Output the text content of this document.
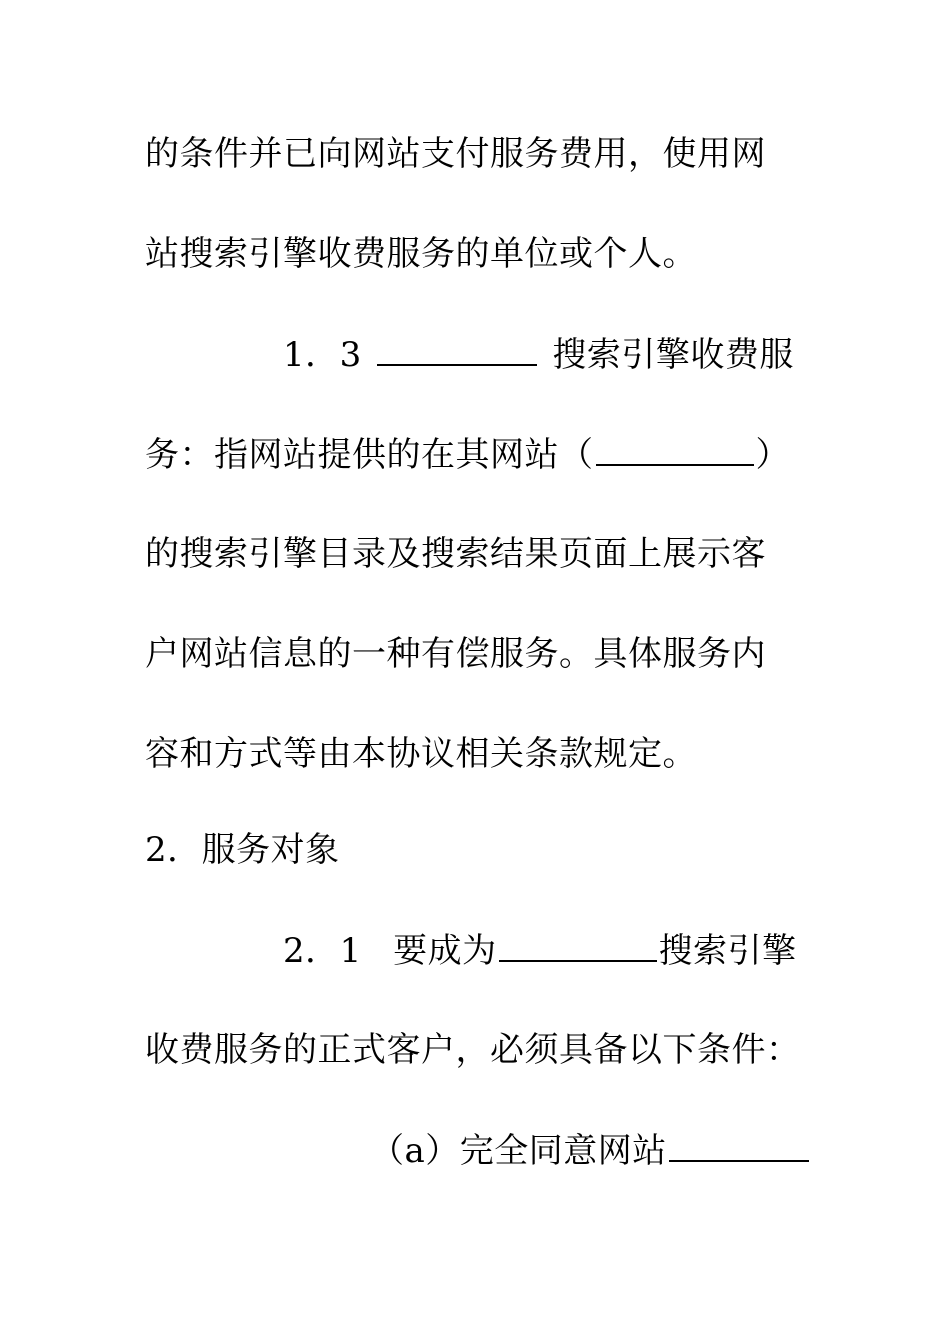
的条件并已向网站支付服务费用，使用网
站搜索引擎收费服务的单位或个人。
1．3	搜索引擎收费服
务：指网站提供的在其网站（	）
的搜索引擎目录及搜索结果页面上展示客
户网站信息的一种有偿服务。具体服务内
容和方式等由本协议相关条款规定。
2．服务对象
2．1 要成为	搜索引擎
收费服务的正式客户，必须具备以下条件：
（a）完全同意网站
